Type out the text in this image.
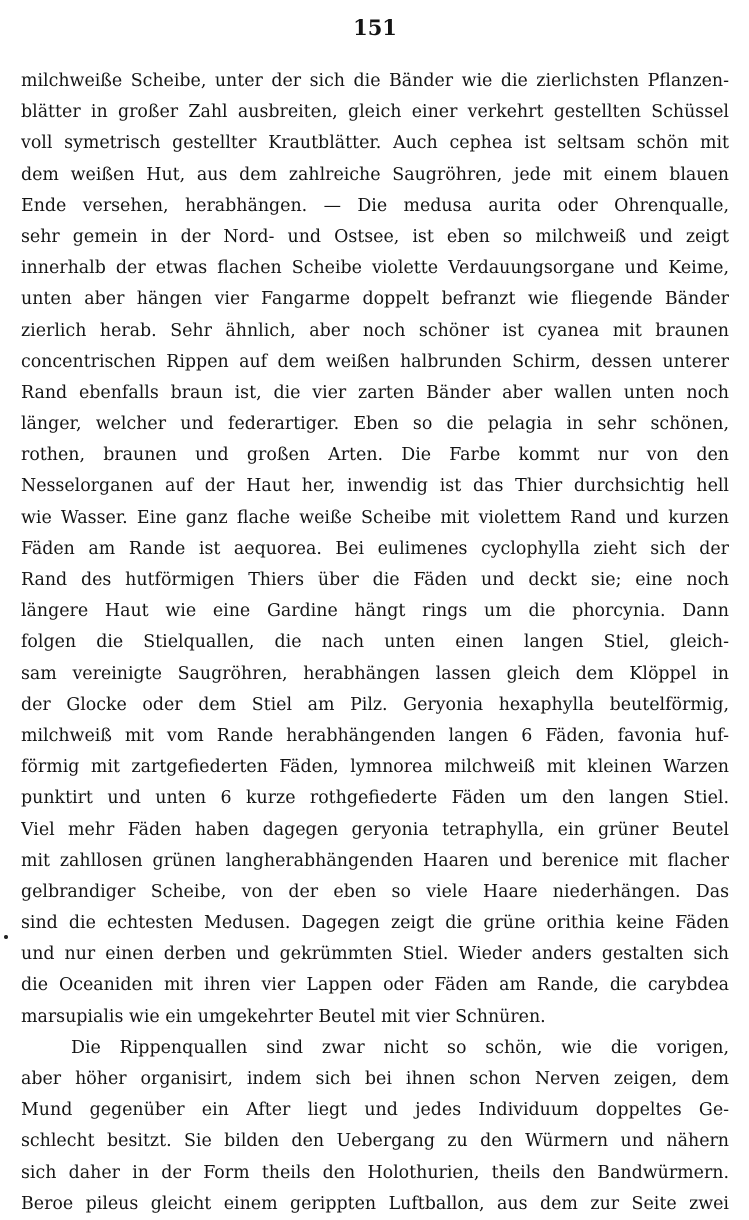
151
milchweiße Scheibe, unter der sich die Bänder wie die zierlichsten Pflanzen-
blätter in großer Zahl ausbreiten, gleich einer verkehrt gestellten Schüssel
voll symetrisch gestellter Krautblätter. Auch cephea ist seltsam schön mit
dem weißen Hut, aus dem zahlreiche Saugröhren, jede mit einem blauen
Ende versehen, herabhängen. — Die medusa aurita oder Ohrenqualle,
sehr gemein in der Nord- und Ostsee, ist eben so milchweiß und zeigt
innerhalb der etwas flachen Scheibe violette Verdauungsorgane und Keime,
unten aber hängen vier Fangarme doppelt befranzt wie fliegende Bänder
zierlich herab. Sehr ähnlich, aber noch schöner ist cyanea mit braunen
concentrischen Rippen auf dem weißen halbrunden Schirm, dessen unterer
Rand ebenfalls braun ist, die vier zarten Bänder aber wallen unten noch
länger, welcher und federartiger. Eben so die pelagia in sehr schönen,
rothen, braunen und großen Arten. Die Farbe kommt nur von den
Nesselorganen auf der Haut her, inwendig ist das Thier durchsichtig hell
wie Wasser. Eine ganz flache weiße Scheibe mit violettem Rand und kurzen
Fäden am Rande ist aequorea. Bei eulimenes cyclophylla zieht sich der
Rand des hutförmigen Thiers über die Fäden und deckt sie; eine noch
längere Haut wie eine Gardine hängt rings um die phorcynia. Dann
folgen die Stielquallen, die nach unten einen langen Stiel, gleich-
sam vereinigte Saugröhren, herabhängen lassen gleich dem Klöppel in
der Glocke oder dem Stiel am Pilz. Geryonia hexaphylla beutelförmig,
milchweiß mit vom Rande herabhängenden langen 6 Fäden, favonia huf-
förmig mit zartgefiederten Fäden, lymnorea milchweiß mit kleinen Warzen
punktirt und unten 6 kurze rothgefiederte Fäden um den langen Stiel.
Viel mehr Fäden haben dagegen geryonia tetraphylla, ein grüner Beutel
mit zahllosen grünen langherabhängenden Haaren und berenice mit flacher
gelbrandiger Scheibe, von der eben so viele Haare niederhängen. Das
sind die echtesten Medusen. Dagegen zeigt die grüne orithia keine Fäden
und nur einen derben und gekrümmten Stiel. Wieder anders gestalten sich
die Oceaniden mit ihren vier Lappen oder Fäden am Rande, die carybdea
marsupialis wie ein umgekehrter Beutel mit vier Schnüren.
Die Rippenquallen sind zwar nicht so schön, wie die vorigen,
aber höher organisirt, indem sich bei ihnen schon Nerven zeigen, dem
Mund gegenüber ein After liegt und jedes Individuum doppeltes Ge-
schlecht besitzt. Sie bilden den Uebergang zu den Würmern und nähern
sich daher in der Form theils den Holothurien, theils den Bandwürmern.
Beroe pileus gleicht einem gerippten Luftballon, aus dem zur Seite zwei
